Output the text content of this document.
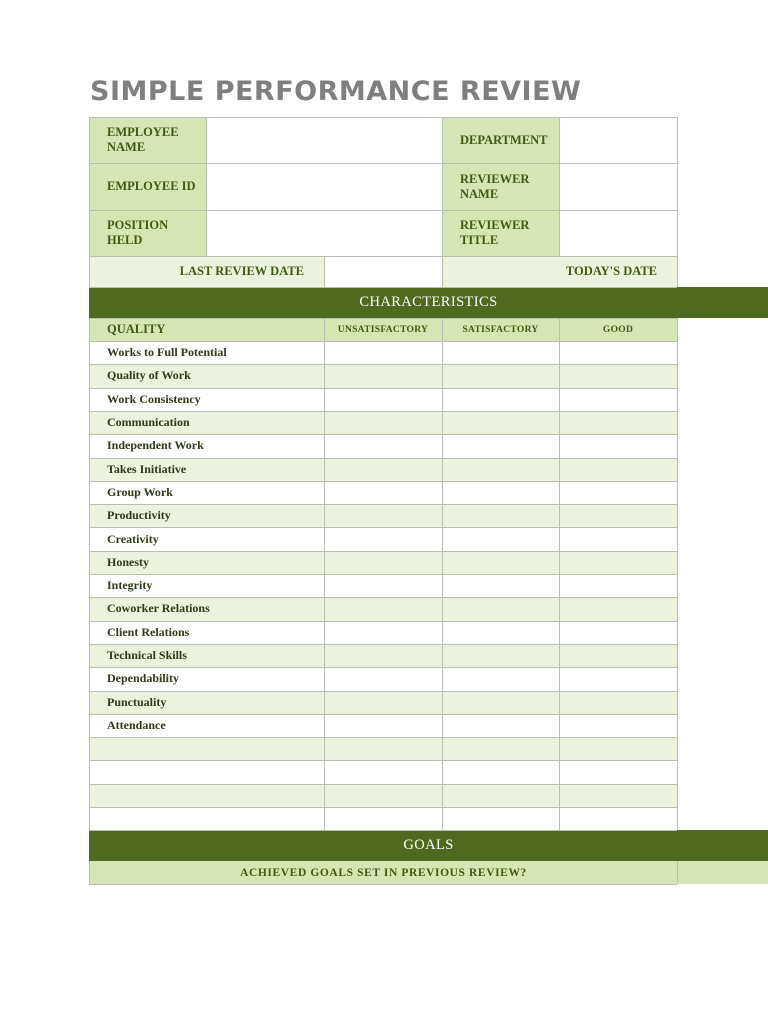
SIMPLE PERFORMANCE REVIEW
EMPLOYEE NAME
DEPARTMENT
EMPLOYEE ID
REVIEWER NAME
POSITION HELD
REVIEWER TITLE
LAST REVIEW DATE	TODAY'S DATE
CHARACTERISTICS
QUALITY	UNSATISFACTORY	SATISFACTORY	GOOD
Works to Full Potential
Quality of Work
Work Consistency
Communication
Independent Work
Takes Initiative
Group Work
Productivity
Creativity
Honesty
Integrity
Coworker Relations
Client Relations
Technical Skills
Dependability
Punctuality
Attendance
GOALS
ACHIEVED GOALS SET IN PREVIOUS REVIEW?
